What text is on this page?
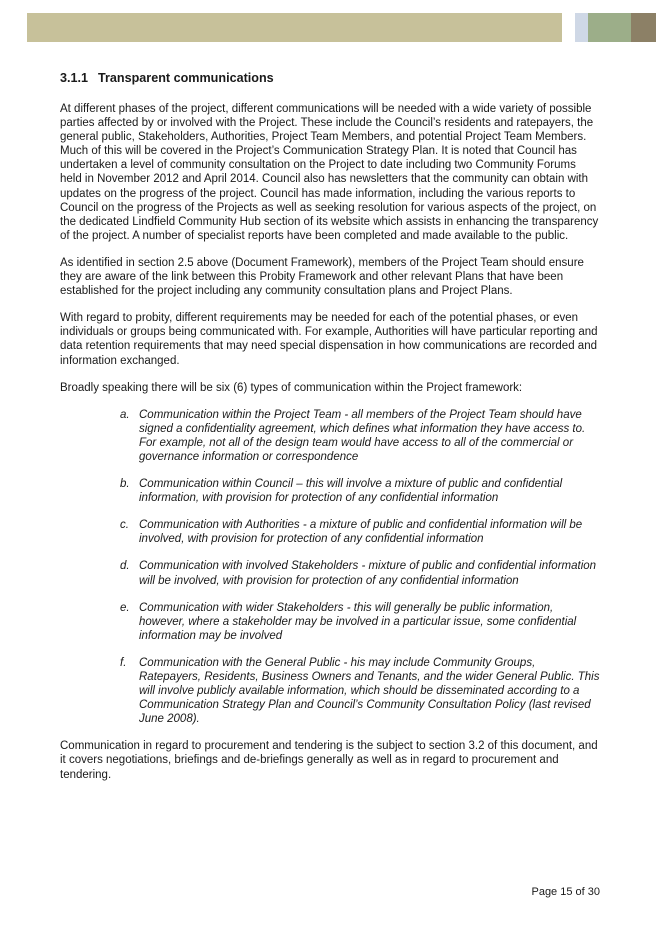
3.1.1 Transparent communications

At different phases of the project, different communications will be needed with a wide variety of possible parties affected by or involved with the Project. These include the Council’s residents and ratepayers, the general public, Stakeholders, Authorities, Project Team Members, and potential Project Team Members. Much of this will be covered in the Project’s Communication Strategy Plan. It is noted that Council has undertaken a level of community consultation on the Project to date including two Community Forums held in November 2012 and April 2014. Council also has newsletters that the community can obtain with updates on the progress of the project. Council has made information, including the various reports to Council on the progress of the Projects as well as seeking resolution for various aspects of the project, on the dedicated Lindfield Community Hub section of its website which assists in enhancing the transparency of the project. A number of specialist reports have been completed and made available to the public.

As identified in section 2.5 above (Document Framework), members of the Project Team should ensure they are aware of the link between this Probity Framework and other relevant Plans that have been established for the project including any community consultation plans and Project Plans.

With regard to probity, different requirements may be needed for each of the potential phases, or even individuals or groups being communicated with. For example, Authorities will have particular reporting and data retention requirements that may need special dispensation in how communications are recorded and information exchanged.

Broadly speaking there will be six (6) types of communication within the Project framework:

a. Communication within the Project Team - all members of the Project Team should have signed a confidentiality agreement, which defines what information they have access to. For example, not all of the design team would have access to all of the commercial or governance information or correspondence
b. Communication within Council – this will involve a mixture of public and confidential information, with provision for protection of any confidential information
c. Communication with Authorities - a mixture of public and confidential information will be involved, with provision for protection of any confidential information
d. Communication with involved Stakeholders - mixture of public and confidential information will be involved, with provision for protection of any confidential information
e. Communication with wider Stakeholders - this will generally be public information, however, where a stakeholder may be involved in a particular issue, some confidential information may be involved
f. Communication with the General Public - his may include Community Groups, Ratepayers, Residents, Business Owners and Tenants, and the wider General Public. This will involve publicly available information, which should be disseminated according to a Communication Strategy Plan and Council’s Community Consultation Policy (last revised June 2008).

Communication in regard to procurement and tendering is the subject to section 3.2 of this document, and it covers negotiations, briefings and de-briefings generally as well as in regard to procurement and tendering.

Page 15 of 30
